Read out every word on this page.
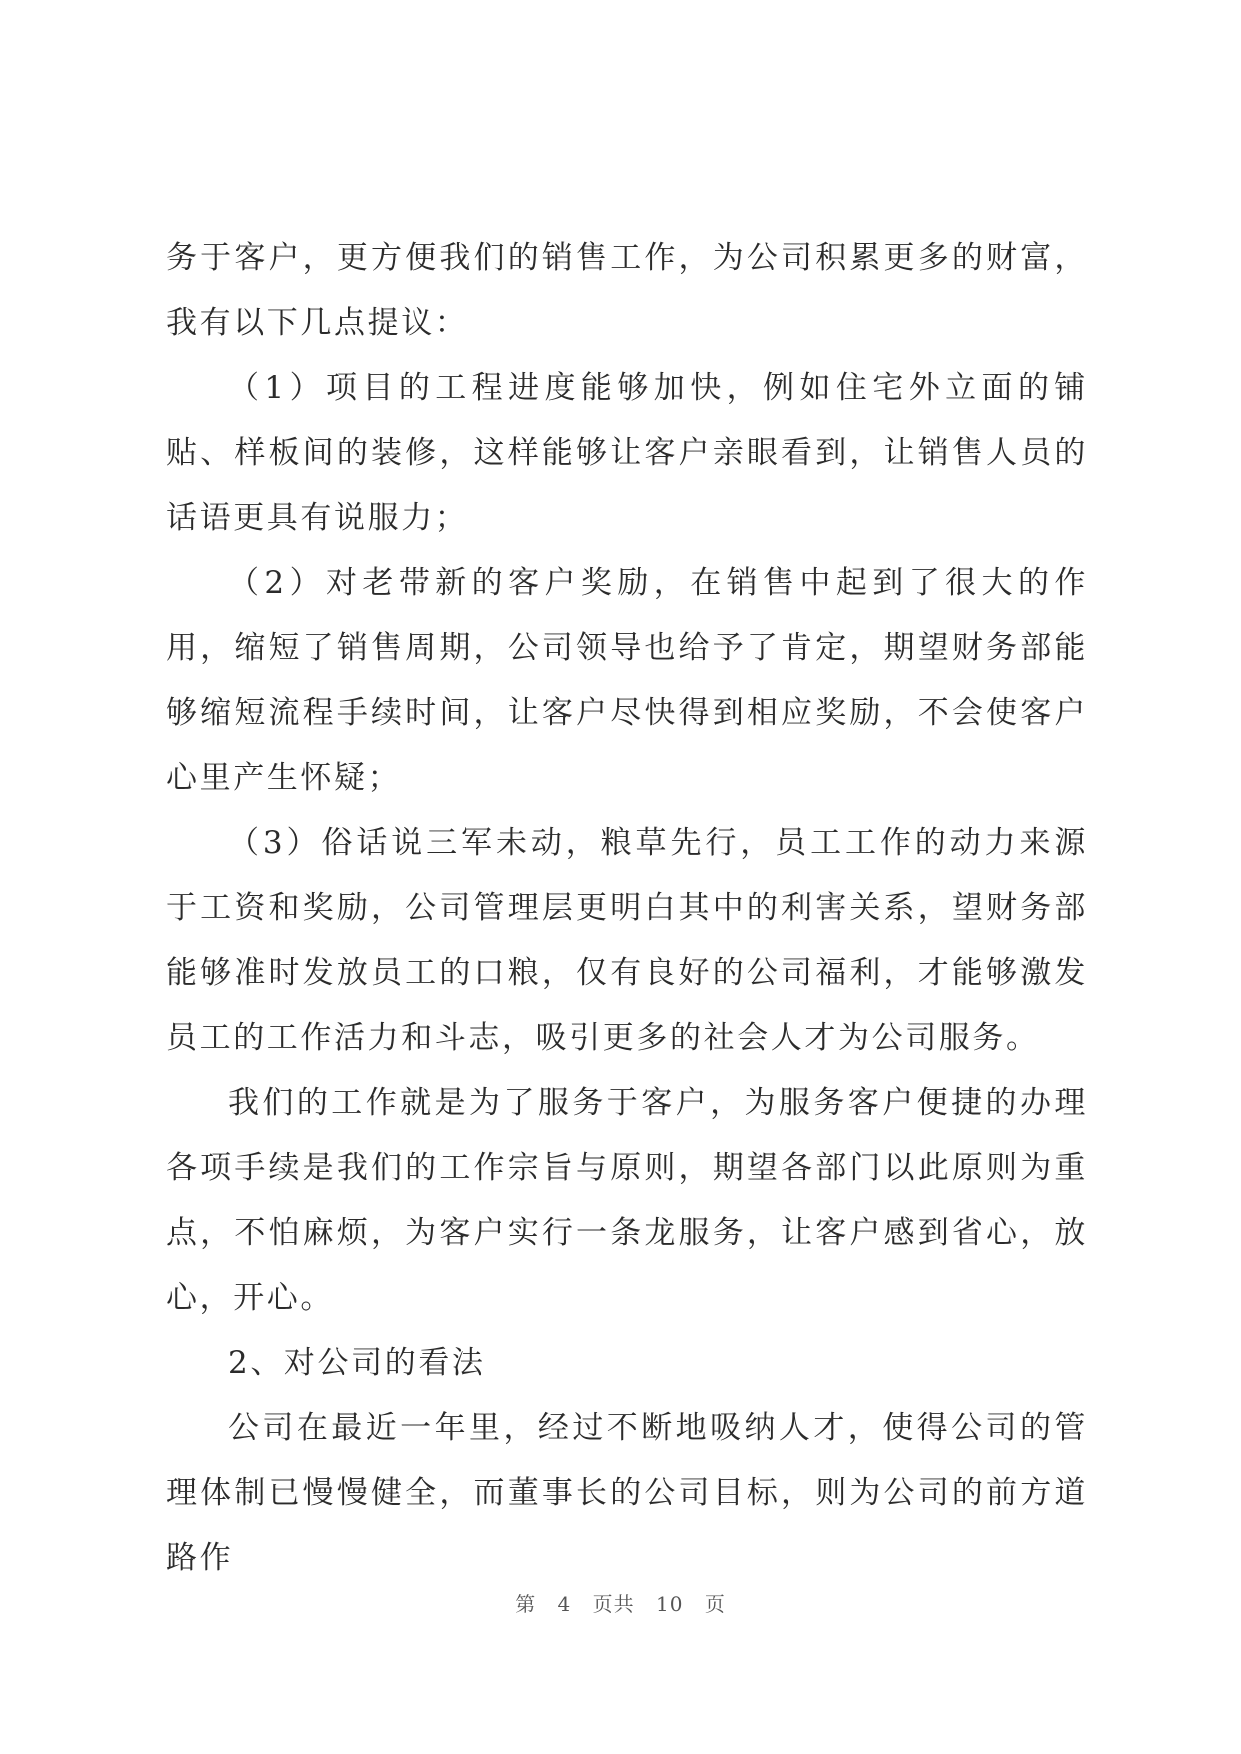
务于客户，更方便我们的销售工作，为公司积累更多的财富，我有以下几点提议：

（1）项目的工程进度能够加快，例如住宅外立面的铺贴、样板间的装修，这样能够让客户亲眼看到，让销售人员的话语更具有说服力；

（2）对老带新的客户奖励，在销售中起到了很大的作用，缩短了销售周期，公司领导也给予了肯定，期望财务部能够缩短流程手续时间，让客户尽快得到相应奖励，不会使客户心里产生怀疑；

（3）俗话说三军未动，粮草先行，员工工作的动力来源于工资和奖励，公司管理层更明白其中的利害关系，望财务部能够准时发放员工的口粮，仅有良好的公司福利，才能够激发员工的工作活力和斗志，吸引更多的社会人才为公司服务。

我们的工作就是为了服务于客户，为服务客户便捷的办理各项手续是我们的工作宗旨与原则，期望各部门以此原则为重点，不怕麻烦，为客户实行一条龙服务，让客户感到省心，放心，开心。

2、对公司的看法

公司在最近一年里，经过不断地吸纳人才，使得公司的管理体制已慢慢健全，而董事长的公司目标，则为公司的前方道路作

第 4 页共 10 页
